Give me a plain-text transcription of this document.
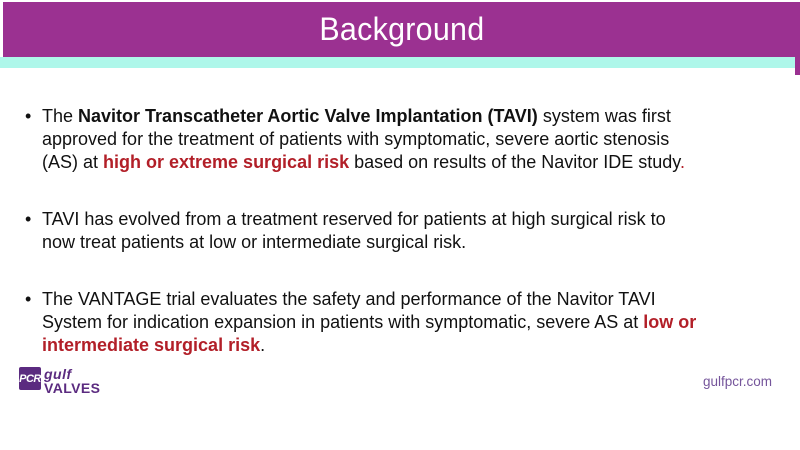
Background
• The Navitor Transcatheter Aortic Valve Implantation (TAVI) system was first
approved for the treatment of patients with symptomatic, severe aortic stenosis
(AS) at high or extreme surgical risk based on results of the Navitor IDE study.
• TAVI has evolved from a treatment reserved for patients at high surgical risk to
now treat patients at low or intermediate surgical risk.
• The VANTAGE trial evaluates the safety and performance of the Navitor TAVI
System for indication expansion in patients with symptomatic, severe AS at low or
intermediate surgical risk.
PCR gulf
VALVES	gulfpcr.com
